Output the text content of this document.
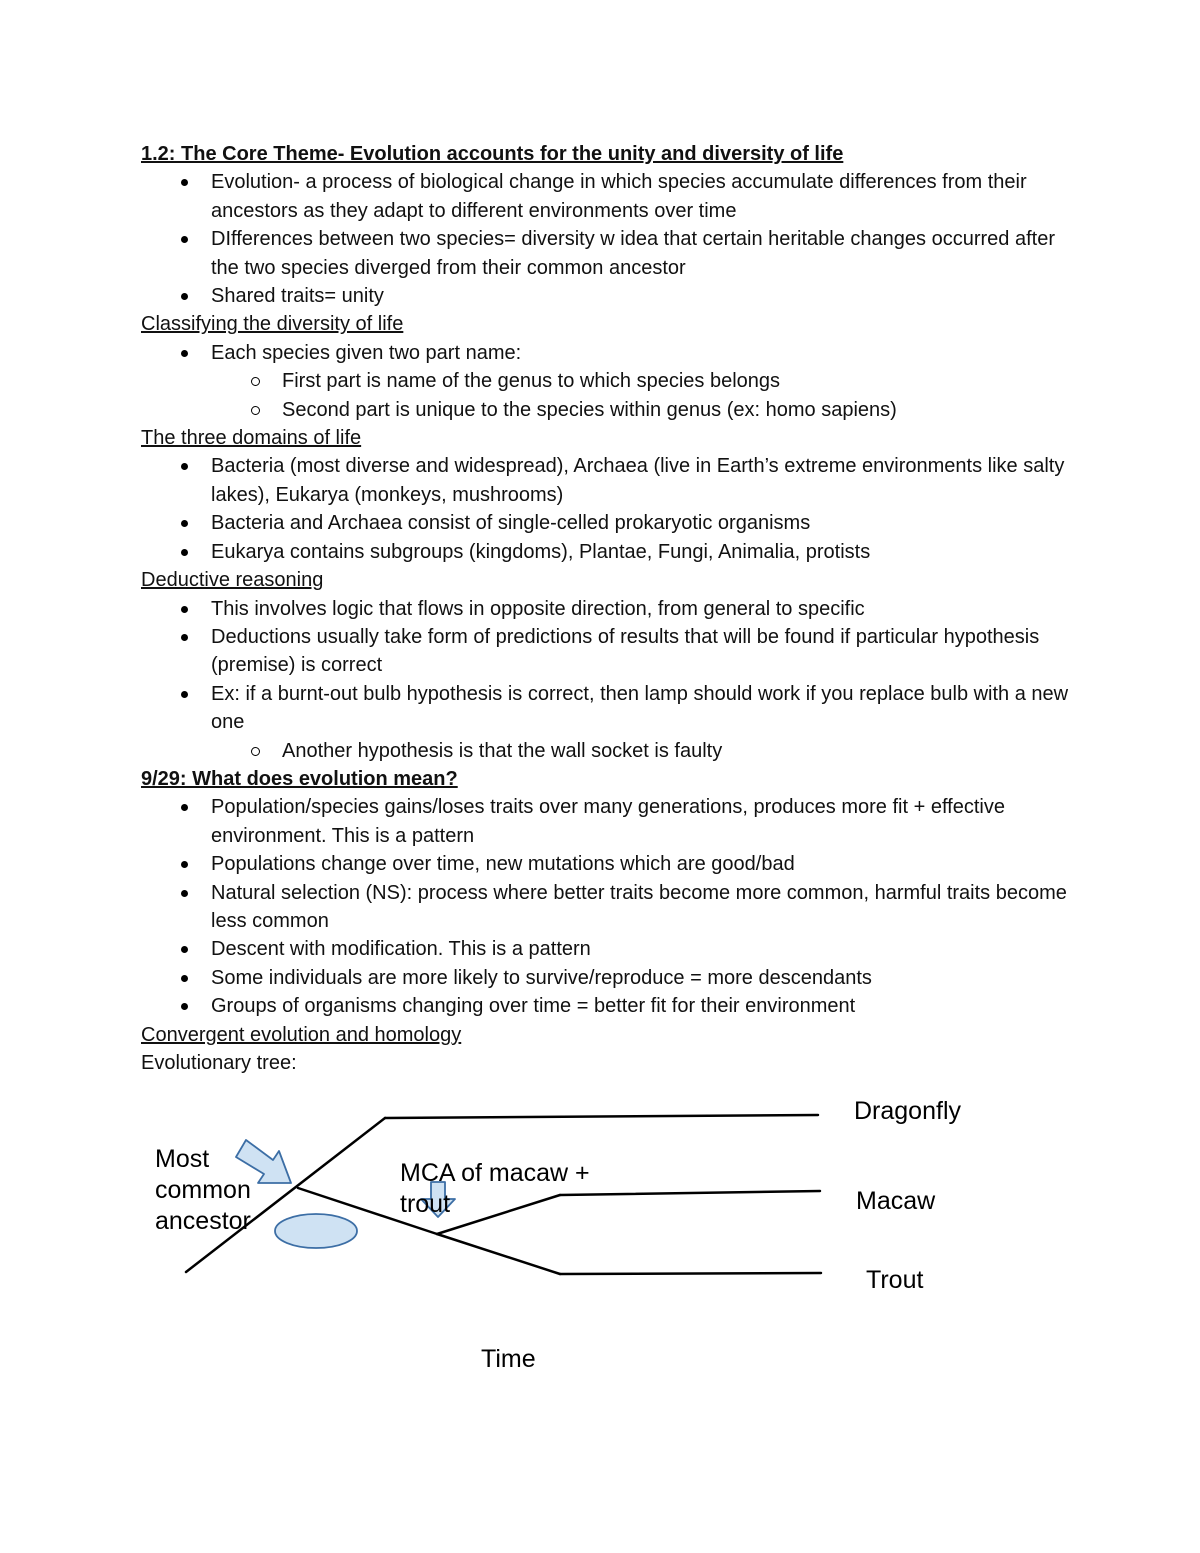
1.2: The Core Theme- Evolution accounts for the unity and diversity of life

Evolution- a process of biological change in which species accumulate differences from their ancestors as they adapt to different environments over time
DIfferences between two species= diversity w idea that certain heritable changes occurred after the two species diverged from their common ancestor
Shared traits= unity

Classifying the diversity of life

Each species given two part name:
First part is name of the genus to which species belongs
Second part is unique to the species within genus (ex: homo sapiens)

The three domains of life

Bacteria (most diverse and widespread), Archaea (live in Earth’s extreme environments like salty lakes), Eukarya (monkeys, mushrooms)
Bacteria and Archaea consist of single-celled prokaryotic organisms
Eukarya contains subgroups (kingdoms), Plantae, Fungi, Animalia, protists

Deductive reasoning

This involves logic that flows in opposite direction, from general to specific
Deductions usually take form of predictions of results that will be found if particular hypothesis (premise) is correct
Ex: if a burnt-out bulb hypothesis is correct, then lamp should work if you replace bulb with a new one
Another hypothesis is that the wall socket is faulty

9/29: What does evolution mean?

Population/species gains/loses traits over many generations, produces more fit + effective environment. This is a pattern
Populations change over time, new mutations which are good/bad
Natural selection (NS): process where better traits become more common, harmful traits become less common
Descent with modification. This is a pattern
Some individuals are more likely to survive/reproduce = more descendants
Groups of organisms changing over time = better fit for their environment

Convergent evolution and homology

Evolutionary tree:

Dragonfly
Macaw
Trout
Most common ancestor
MCA of macaw + trout
Time
